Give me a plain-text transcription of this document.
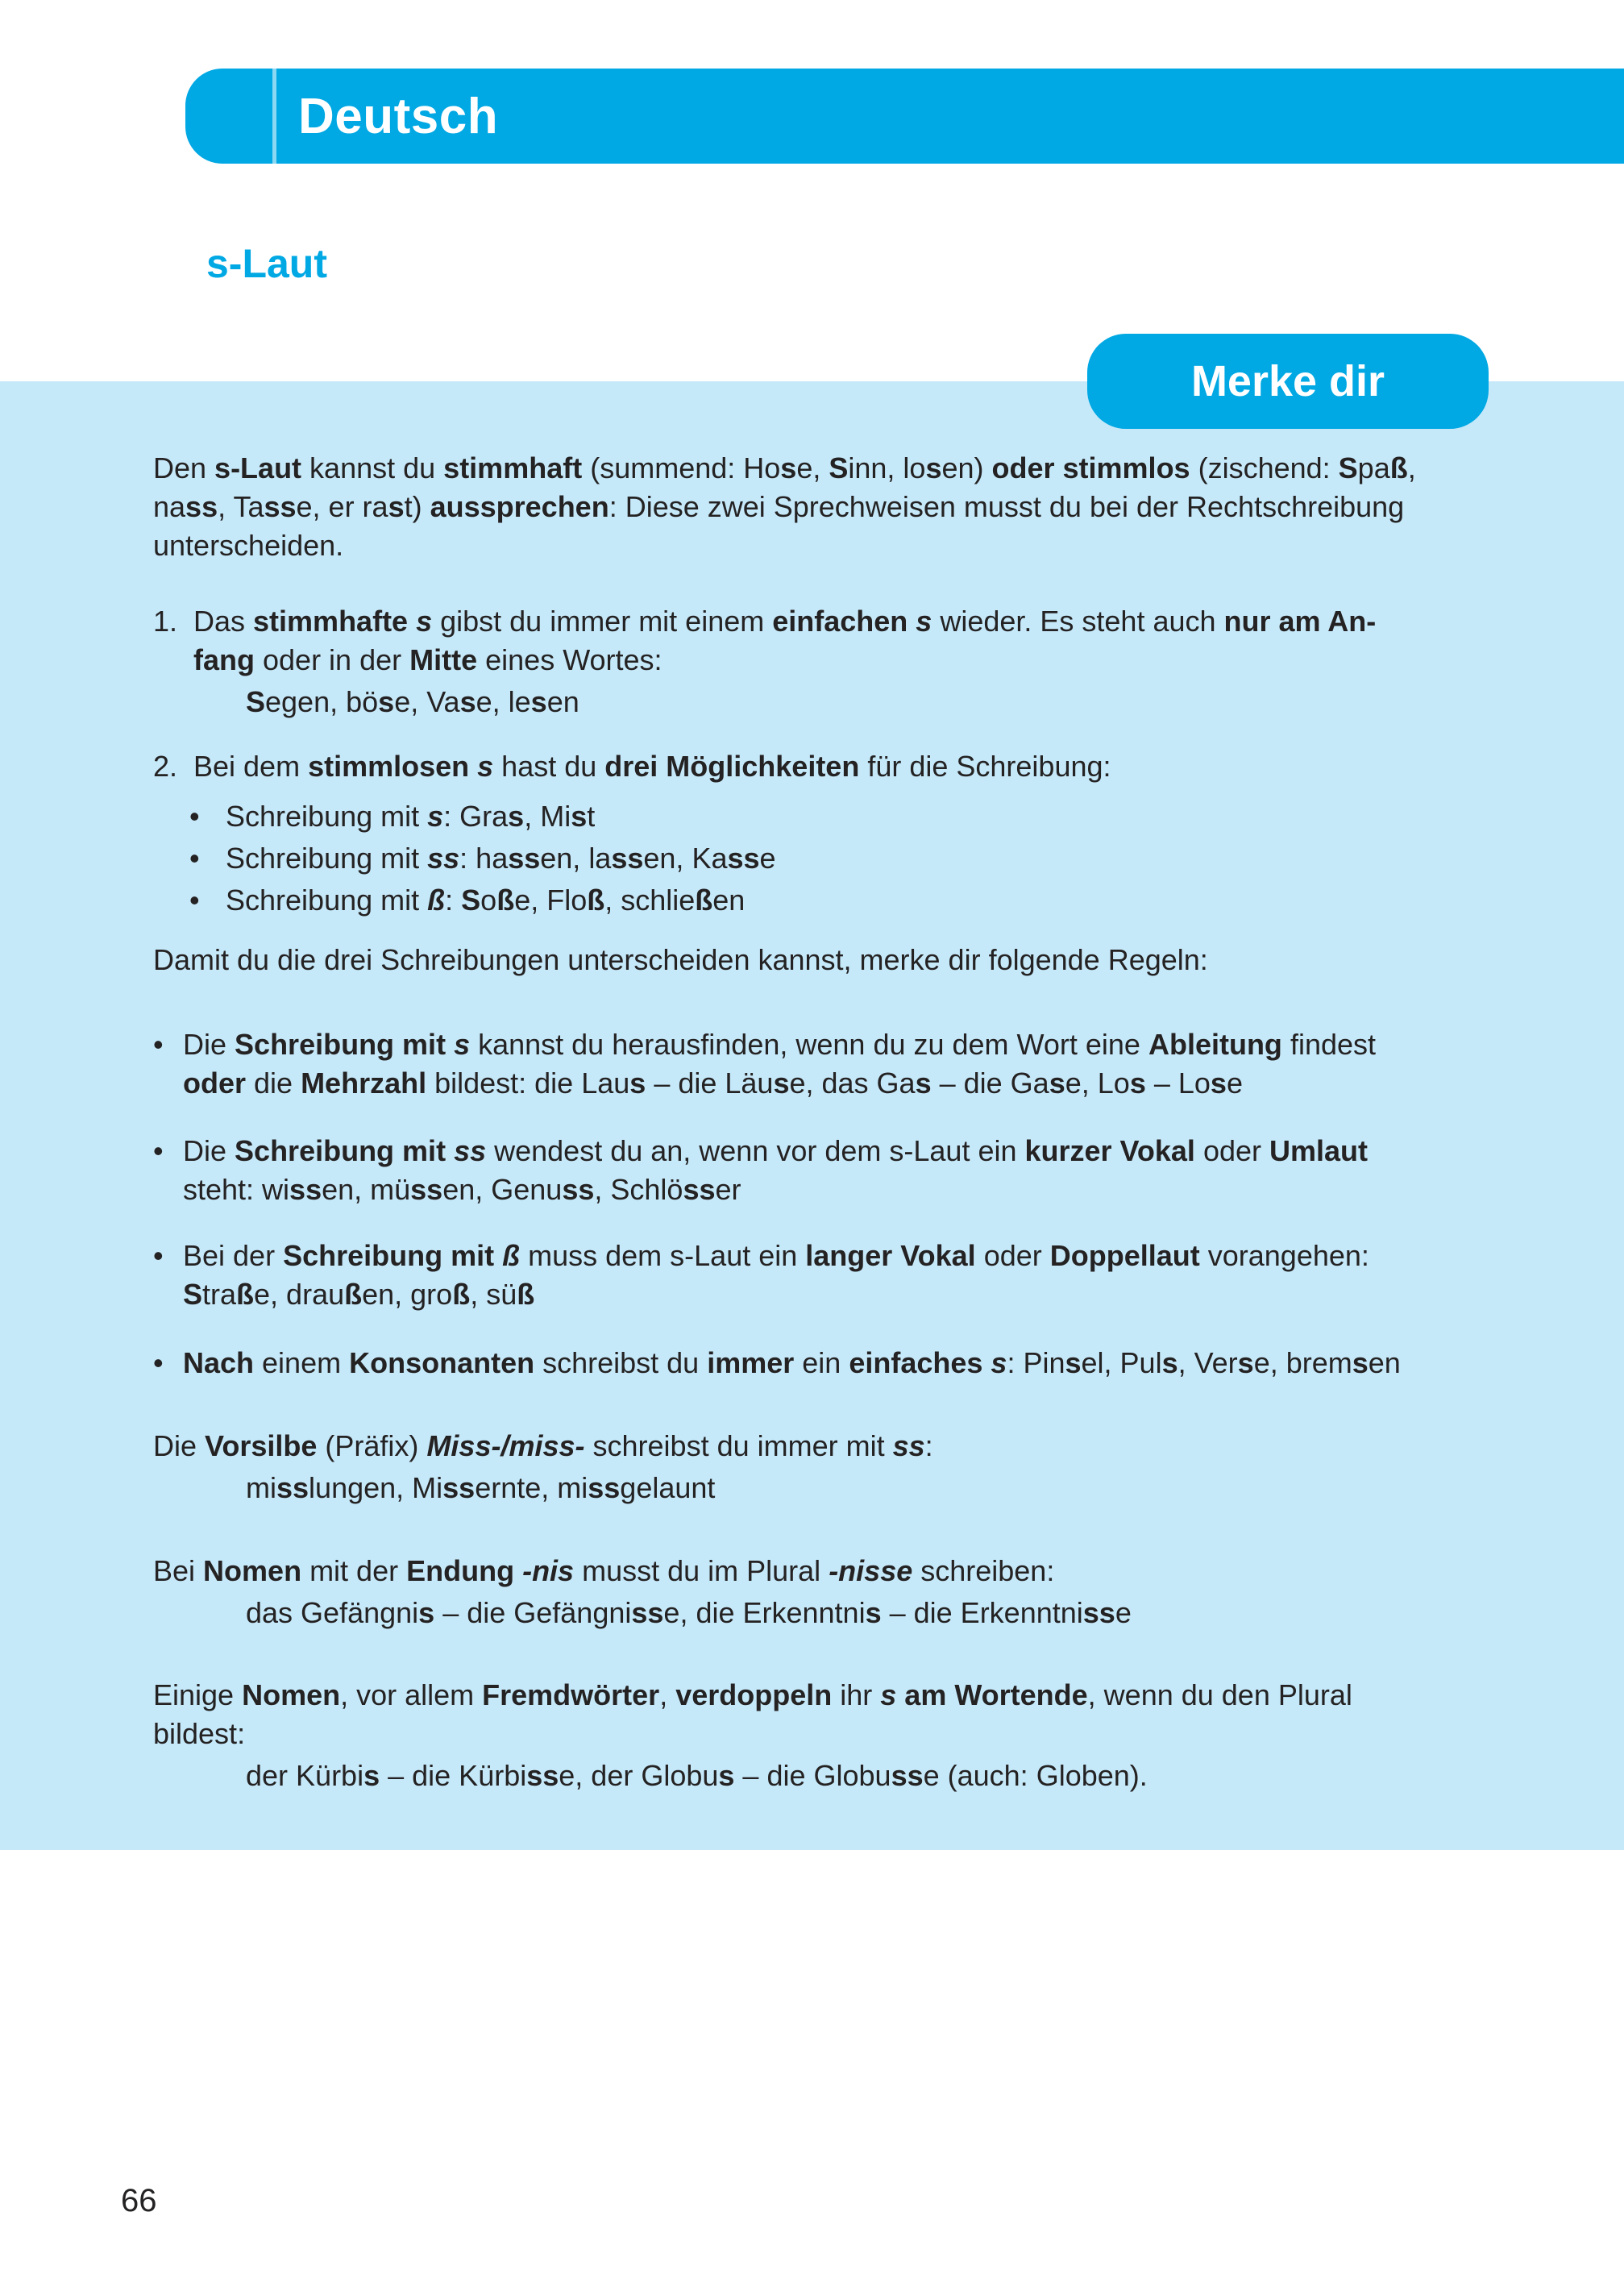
Deutsch
s-Laut
Merke dir
Den s-Laut kannst du stimmhaft (summend: Hose, Sinn, losen) oder stimmlos (zischend: Spaß,
nass, Tasse, er rast) aussprechen: Diese zwei Sprechweisen musst du bei der Rechtschreibung
unterscheiden.
1. Das stimmhafte s gibst du immer mit einem einfachen s wieder. Es steht auch nur am An-
fang oder in der Mitte eines Wortes:
Segen, böse, Vase, lesen
2. Bei dem stimmlosen s hast du drei Möglichkeiten für die Schreibung:
• Schreibung mit s: Gras, Mist
• Schreibung mit ss: hassen, lassen, Kasse
• Schreibung mit ß: Soße, Floß, schließen
Damit du die drei Schreibungen unterscheiden kannst, merke dir folgende Regeln:
• Die Schreibung mit s kannst du herausfinden, wenn du zu dem Wort eine Ableitung findest
oder die Mehrzahl bildest: die Laus – die Läuse, das Gas – die Gase, Los – Lose
• Die Schreibung mit ss wendest du an, wenn vor dem s-Laut ein kurzer Vokal oder Umlaut
steht: wissen, müssen, Genuss, Schlösser
• Bei der Schreibung mit ß muss dem s-Laut ein langer Vokal oder Doppellaut vorangehen:
Straße, draußen, groß, süß
• Nach einem Konsonanten schreibst du immer ein einfaches s: Pinsel, Puls, Verse, bremsen
Die Vorsilbe (Präfix) Miss-/miss- schreibst du immer mit ss:
misslungen, Missernte, missgelaunt
Bei Nomen mit der Endung -nis musst du im Plural -nisse schreiben:
das Gefängnis – die Gefängnisse, die Erkenntnis – die Erkenntnisse
Einige Nomen, vor allem Fremdwörter, verdoppeln ihr s am Wortende, wenn du den Plural
bildest:
der Kürbis – die Kürbisse, der Globus – die Globusse (auch: Globen).
66
